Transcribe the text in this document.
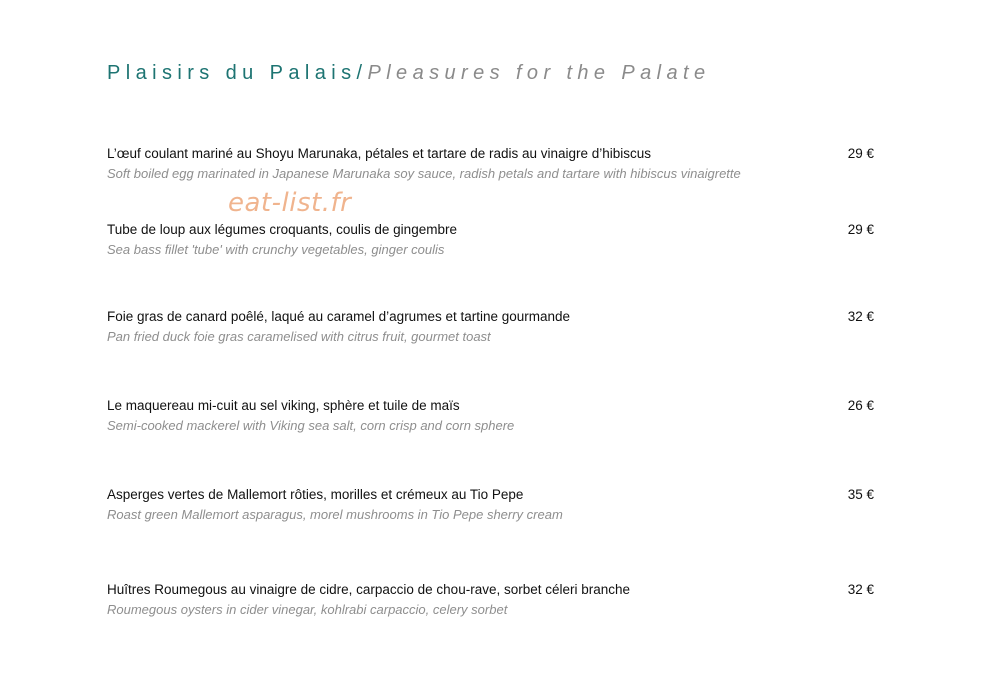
Plaisirs du Palais/Pleasures for the Palate
eat-list.fr
L’œuf coulant mariné au Shoyu Marunaka, pétales et tartare de radis au vinaigre d’hibiscus
Soft boiled egg marinated in Japanese Marunaka soy sauce, radish petals and tartare with hibiscus vinaigrette
29 €
Tube de loup aux légumes croquants, coulis de gingembre
Sea bass fillet 'tube' with crunchy vegetables, ginger coulis
29 €
Foie gras de canard poêlé, laqué au caramel d’agrumes et tartine gourmande
Pan fried duck foie gras caramelised with citrus fruit, gourmet toast
32 €
Le maquereau mi-cuit au sel viking, sphère et tuile de maïs
Semi-cooked mackerel with Viking sea salt, corn crisp and corn sphere
26 €
Asperges vertes de Mallemort rôties, morilles et crémeux au Tio Pepe
Roast green Mallemort asparagus, morel mushrooms in Tio Pepe sherry cream
35 €
Huîtres Roumegous au vinaigre de cidre, carpaccio de chou-rave, sorbet céleri branche
Roumegous oysters in cider vinegar, kohlrabi carpaccio, celery sorbet
32 €
